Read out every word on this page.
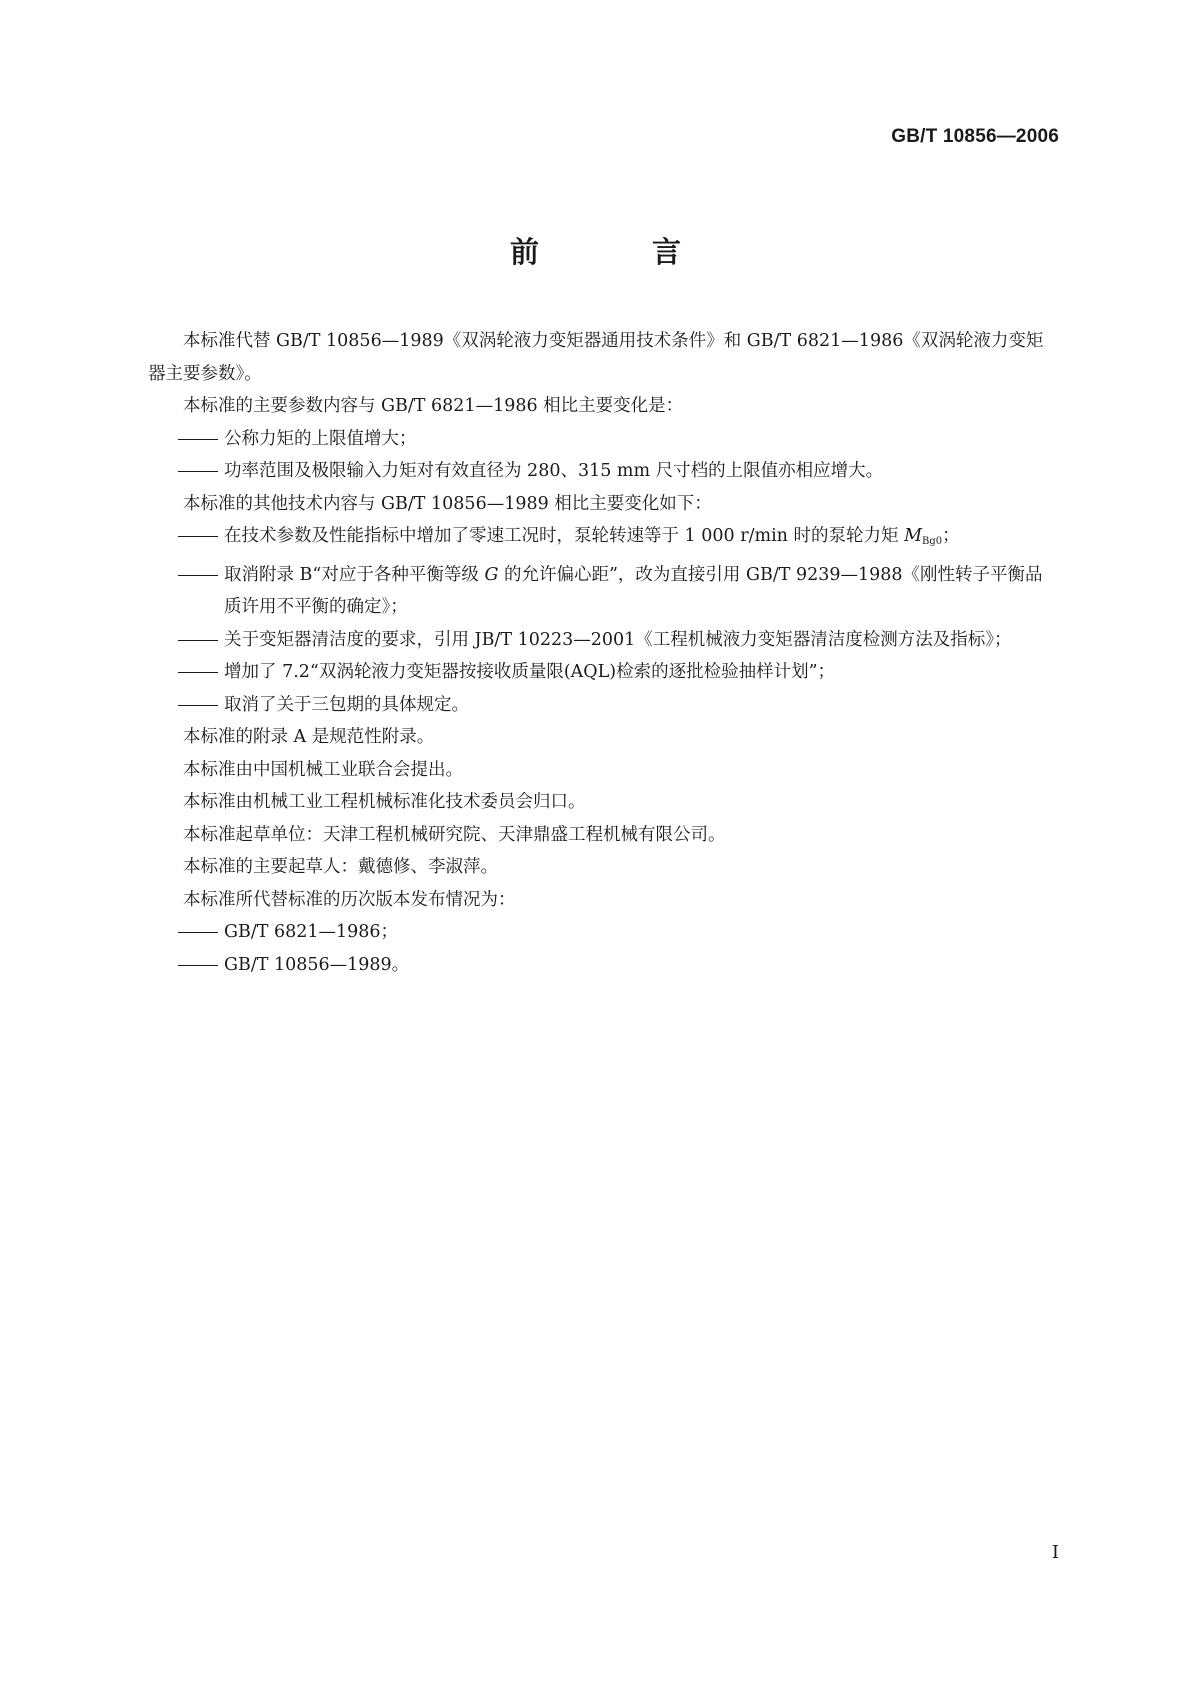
GB/T 10856—2006
前　言

本标准代替 GB/T 10856—1989《双涡轮液力变矩器通用技术条件》和 GB/T 6821—1986《双涡轮液力变矩器主要参数》。

本标准的主要参数内容与 GB/T 6821—1986 相比主要变化是：

公称力矩的上限值增大；

功率范围及极限输入力矩对有效直径为 280、315 mm 尺寸档的上限值亦相应增大。

本标准的其他技术内容与 GB/T 10856—1989 相比主要变化如下：

在技术参数及性能指标中增加了零速工况时，泵轮转速等于 1 000 r/min 时的泵轮力矩 $M_{Bg0}$；

取消附录 B“对应于各种平衡等级 G 的允许偏心距”，改为直接引用 GB/T 9239—1988《刚性转子平衡品质许用不平衡的确定》；

关于变矩器清洁度的要求，引用 JB/T 10223—2001《工程机械液力变矩器清洁度检测方法及指标》；

增加了 7.2“双涡轮液力变矩器按接收质量限(AQL)检索的逐批检验抽样计划”；

取消了关于三包期的具体规定。

本标准的附录 A 是规范性附录。

本标准由中国机械工业联合会提出。

本标准由机械工业工程机械标准化技术委员会归口。

本标准起草单位：天津工程机械研究院、天津鼎盛工程机械有限公司。

本标准的主要起草人：戴德修、李淑萍。

本标准所代替标准的历次版本发布情况为：

GB/T 6821—1986；

GB/T 10856—1989。

I
